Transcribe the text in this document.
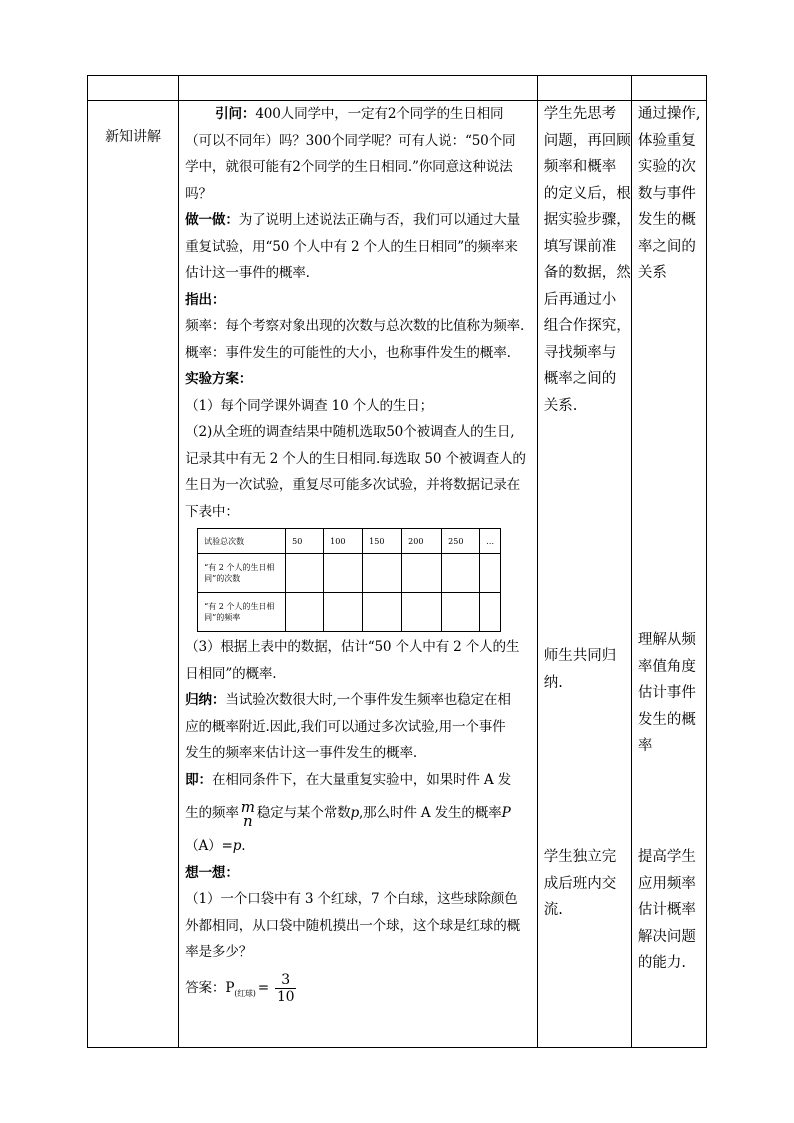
新知讲解	
引问：400人同学中，一定有2个同学的生日相同
（可以不同年）吗？300个同学呢？可有人说：“50个同
学中，就很可能有2个同学的生日相同.”你同意这种说法
吗？
做一做：为了说明上述说法正确与否，我们可以通过大量
重复试验，用“50 个人中有 2 个人的生日相同”的频率来
估计这一事件的概率.
指出：
频率：每个考察对象出现的次数与总次数的比值称为频率.
概率：事件发生的可能性的大小，也称事件发生的概率.
实验方案：
（1）每个同学课外调查 10 个人的生日；
（2)从全班的调查结果中随机选取50个被调查人的生日,
记录其中有无 2 个人的生日相同.每选取 50 个被调查人的
生日为一次试验，重复尽可能多次试验，并将数据记录在
下表中：
试验总次数	50	100	150	200	250	…
“有 2 个人的生日相同”的次数						
“有 2 个人的生日相同”的频率						
（3）根据上表中的数据，估计“50 个人中有 2 个人的生
日相同”的概率.
归纳：当试验次数很大时,一个事件发生频率也稳定在相
应的概率附近.因此,我们可以通过多次试验,用一个事件
发生的频率来估计这一事件发生的概率.
即：在相同条件下，在大量重复实验中，如果时件 A 发
生的频率 m
n 稳定与某个常数p,那么时件 A 发生的概率P
（A）=p.
想一想：
（1）一个口袋中有 3 个红球，7 个白球，这些球除颜色
外都相同，从口袋中随机摸出一个球，这个球是红球的概
率是多少？
答案：$P_{(红球)} = \frac{3}{10}$

学生先思考
问题，再回顾
频率和概率
的定义后，根
据实验步骤，
填写课前准
备的数据，然
后再通过小
组合作探究，
寻找频率与
概率之间的
关系.
师生共同归
纳.
学生独立完
成后班内交
流.

通过操作,
体验重复
实验的次
数与事件
发生的概
率之间的
关系
理解从频
率值角度
估计事件
发生的概
率
提高学生
应用频率
估计概率
解决问题
的能力.
